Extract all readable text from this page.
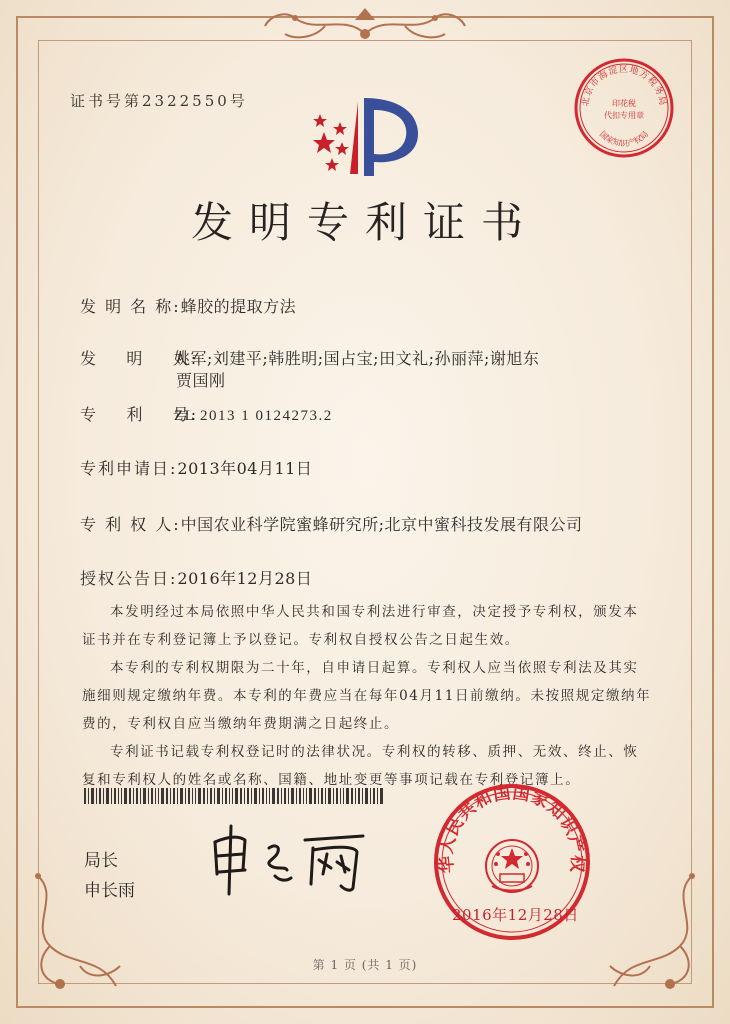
证书号第2322550号	北京市海淀区地方税务局
印花税
代扣专用章
国家知识产权局
发明专利证书
发 明 名 称:蜂胶的提取方法
发    明    人:姚军;刘建平;韩胜明;国占宝;田文礼;孙丽萍;谢旭东
贾国刚
专    利    号:ZL 2013 1 0124273.2
专利申请日:2013年04月11日
专 利 权 人:中国农业科学院蜜蜂研究所;北京中蜜科技发展有限公司
授权公告日:2016年12月28日

本发明经过本局依照中华人民共和国专利法进行审查，决定授予专利权，颁发本证书并在专利登记簿上予以登记。专利权自授权公告之日起生效。

本专利的专利权期限为二十年，自申请日起算。专利权人应当依照专利法及其实施细则规定缴纳年费。本专利的年费应当在每年04月11日前缴纳。未按照规定缴纳年费的，专利权自应当缴纳年费期满之日起终止。

专利证书记载专利权登记时的法律状况。专利权的转移、质押、无效、终止、恢复和专利权人的姓名或名称、国籍、地址变更等事项记载在专利登记簿上。

局长
申长雨
华人民共和国国家知识产权
2016年12月28日
第 1 页 (共 1 页)
